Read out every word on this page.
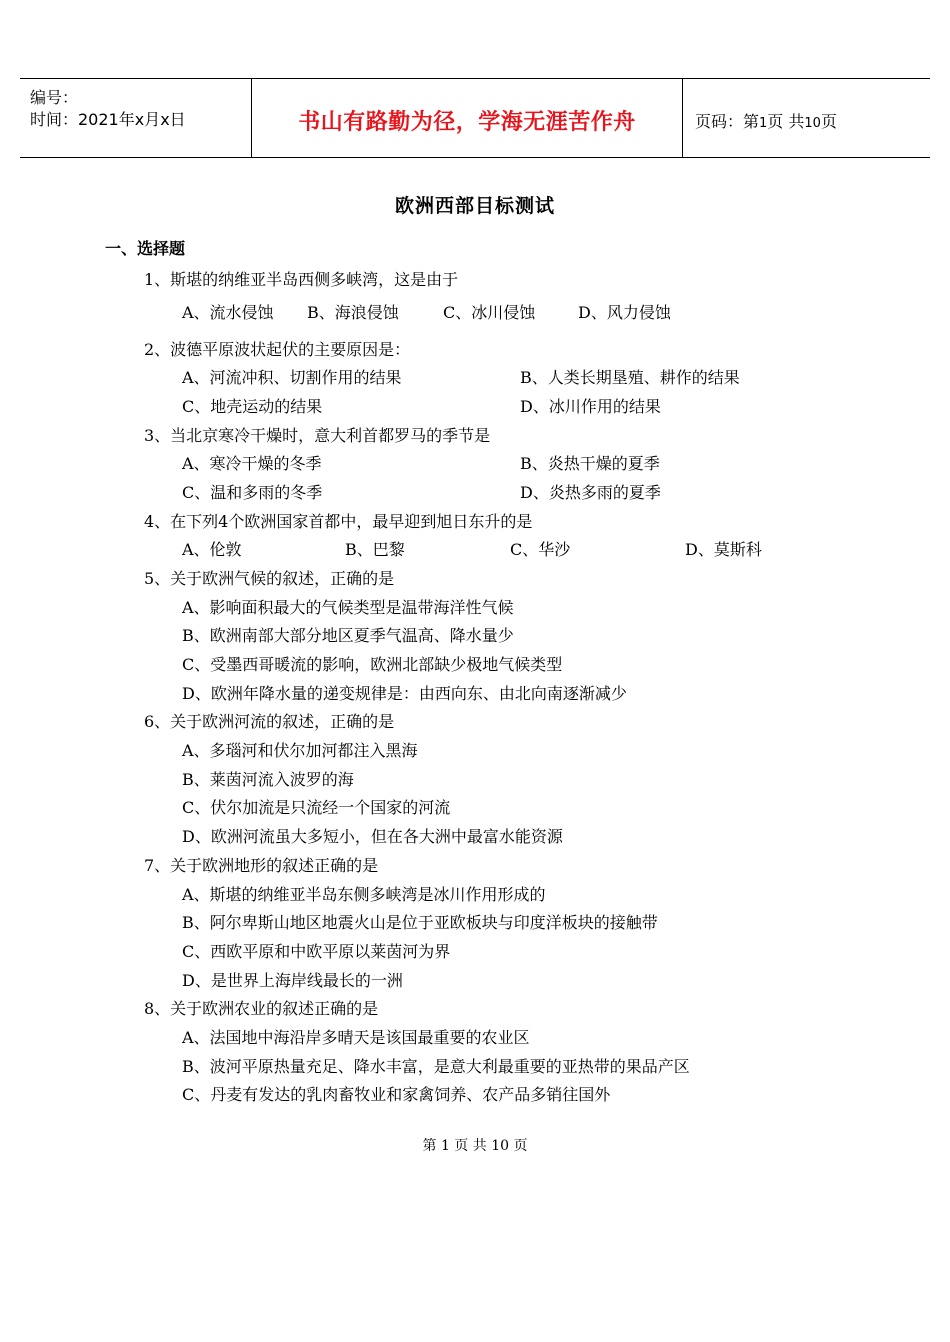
编号：
时间：2021年x月x日	书山有路勤为径，学海无涯苦作舟	页码：第1页 共10页
欧洲西部目标测试
一、选择题
1、斯堪的纳维亚半岛西侧多峡湾，这是由于
A、流水侵蚀 B、海浪侵蚀	C、冰川侵蚀	D、风力侵蚀
2、波德平原波状起伏的主要原因是：
A、河流冲积、切割作用的结果	B、人类长期垦殖、耕作的结果
C、地壳运动的结果	D、冰川作用的结果
3、当北京寒冷干燥时，意大利首都罗马的季节是
A、寒冷干燥的冬季	B、炎热干燥的夏季
C、温和多雨的冬季	D、炎热多雨的夏季
4、在下列4个欧洲国家首都中，最早迎到旭日东升的是
A、伦敦	B、巴黎	C、华沙	D、莫斯科
5、关于欧洲气候的叙述，正确的是
A、影响面积最大的气候类型是温带海洋性气候
B、欧洲南部大部分地区夏季气温高、降水量少
C、受墨西哥暖流的影响，欧洲北部缺少极地气候类型
D、欧洲年降水量的递变规律是：由西向东、由北向南逐渐减少
6、关于欧洲河流的叙述，正确的是
A、多瑙河和伏尔加河都注入黑海
B、莱茵河流入波罗的海
C、伏尔加流是只流经一个国家的河流
D、欧洲河流虽大多短小，但在各大洲中最富水能资源
7、关于欧洲地形的叙述正确的是
A、斯堪的纳维亚半岛东侧多峡湾是冰川作用形成的
B、阿尔卑斯山地区地震火山是位于亚欧板块与印度洋板块的接触带
C、西欧平原和中欧平原以莱茵河为界
D、是世界上海岸线最长的一洲
8、关于欧洲农业的叙述正确的是
A、法国地中海沿岸多晴天是该国最重要的农业区
B、波河平原热量充足、降水丰富，是意大利最重要的亚热带的果品产区
C、丹麦有发达的乳肉畜牧业和家禽饲养、农产品多销往国外
第 1 页 共 10 页
